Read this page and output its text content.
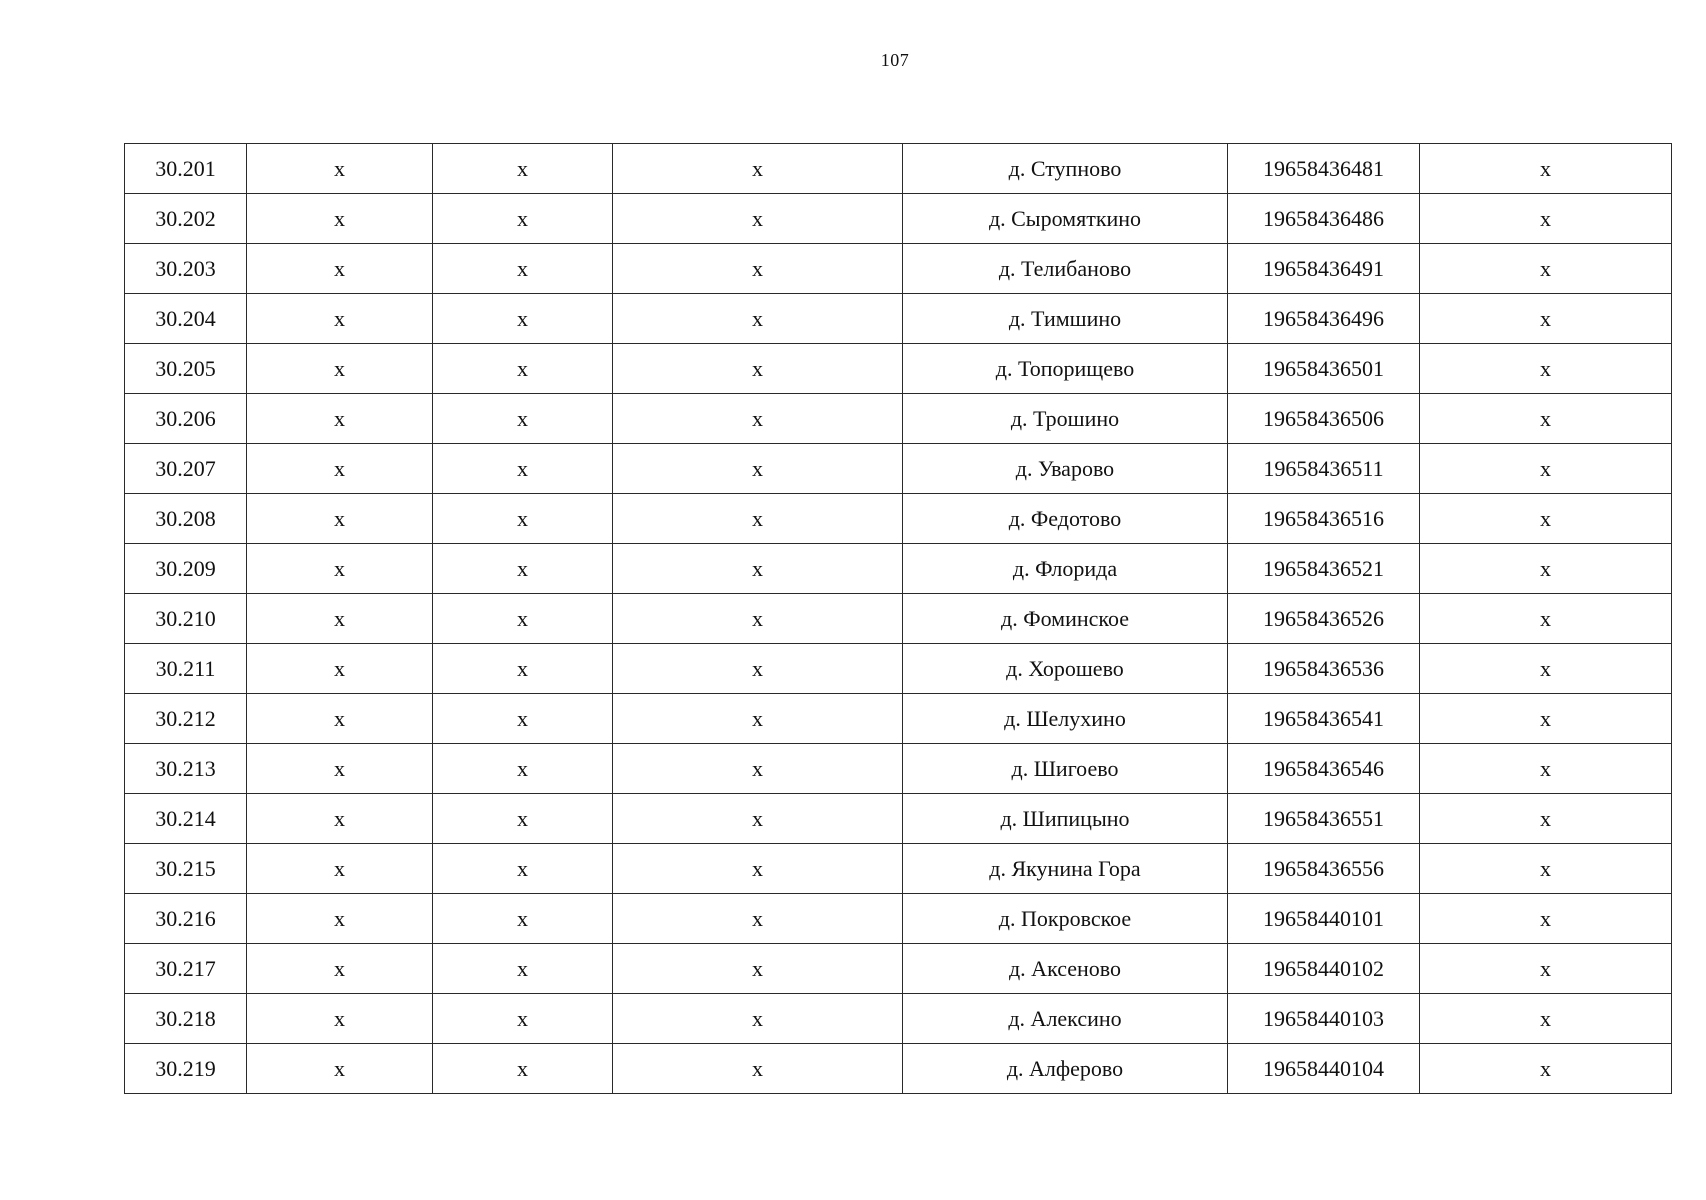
107
30.201	х	х	х	д. Ступново	19658436481	х
30.202	х	х	х	д. Сыромяткино	19658436486	х
30.203	х	х	х	д. Телибаново	19658436491	х
30.204	х	х	х	д. Тимшино	19658436496	х
30.205	х	х	х	д. Топорищево	19658436501	х
30.206	х	х	х	д. Трошино	19658436506	х
30.207	х	х	х	д. Уварово	19658436511	х
30.208	х	х	х	д. Федотово	19658436516	х
30.209	х	х	х	д. Флорида	19658436521	х
30.210	х	х	х	д. Фоминское	19658436526	х
30.211	х	х	х	д. Хорошево	19658436536	х
30.212	х	х	х	д. Шелухино	19658436541	х
30.213	х	х	х	д. Шигоево	19658436546	х
30.214	х	х	х	д. Шипицыно	19658436551	х
30.215	х	х	х	д. Якунина Гора	19658436556	х
30.216	х	х	х	д. Покровское	19658440101	х
30.217	х	х	х	д. Аксеново	19658440102	х
30.218	х	х	х	д. Алексино	19658440103	х
30.219	х	х	х	д. Алферово	19658440104	х
